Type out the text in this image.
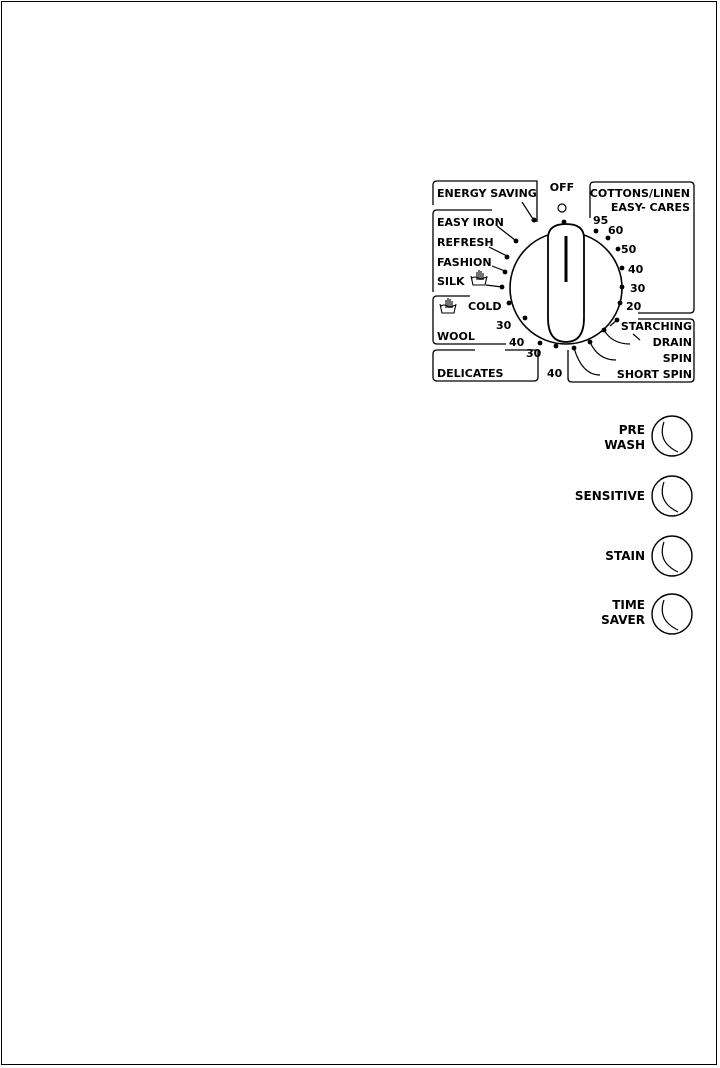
OFF
ENERGY SAVING	COTTONS/LINEN
EASY- CARES
EASY IRON
REFRESH
FASHION
SILK
COLD
30
40
WOOL
30
40
DELICATES
95
60
50
40
30
20
STARCHING
DRAIN
SPIN
SHORT SPIN
PRE
WASH
SENSITIVE
STAIN
TIME
SAVER
